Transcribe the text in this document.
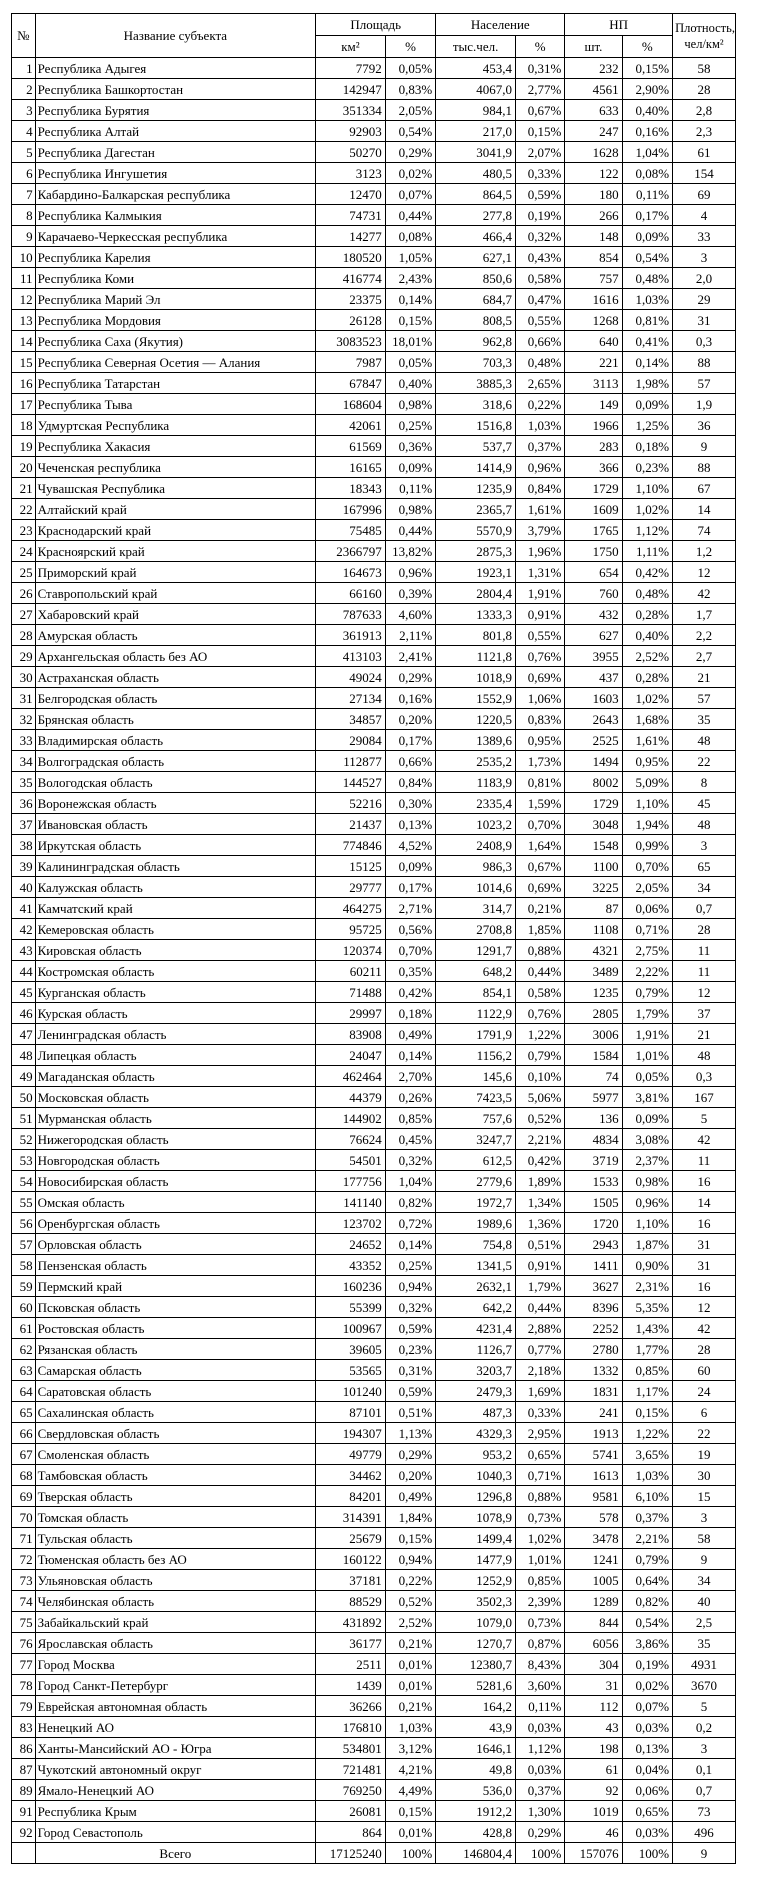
№	Название субъекта	Площадь		Население		НП		Плотность,
чел/км²
		км²	%	тыс.чел.	%	шт.	%	
1	Республика Адыгея	7792	0,05%	453,4	0,31%	232	0,15%	58
2	Республика Башкортостан	142947	0,83%	4067,0	2,77%	4561	2,90%	28
3	Республика Бурятия	351334	2,05%	984,1	0,67%	633	0,40%	2,8
4	Республика Алтай	92903	0,54%	217,0	0,15%	247	0,16%	2,3
5	Республика Дагестан	50270	0,29%	3041,9	2,07%	1628	1,04%	61
6	Республика Ингушетия	3123	0,02%	480,5	0,33%	122	0,08%	154
7	Кабардино-Балкарская республика	12470	0,07%	864,5	0,59%	180	0,11%	69
8	Республика Калмыкия	74731	0,44%	277,8	0,19%	266	0,17%	4
9	Карачаево-Черкесская республика	14277	0,08%	466,4	0,32%	148	0,09%	33
10	Республика Карелия	180520	1,05%	627,1	0,43%	854	0,54%	3
11	Республика Коми	416774	2,43%	850,6	0,58%	757	0,48%	2,0
12	Республика Марий Эл	23375	0,14%	684,7	0,47%	1616	1,03%	29
13	Республика Мордовия	26128	0,15%	808,5	0,55%	1268	0,81%	31
14	Республика Саха (Якутия)	3083523	18,01%	962,8	0,66%	640	0,41%	0,3
15	Республика Северная Осетия — Алания	7987	0,05%	703,3	0,48%	221	0,14%	88
16	Республика Татарстан	67847	0,40%	3885,3	2,65%	3113	1,98%	57
17	Республика Тыва	168604	0,98%	318,6	0,22%	149	0,09%	1,9
18	Удмуртская Республика	42061	0,25%	1516,8	1,03%	1966	1,25%	36
19	Республика Хакасия	61569	0,36%	537,7	0,37%	283	0,18%	9
20	Чеченская республика	16165	0,09%	1414,9	0,96%	366	0,23%	88
21	Чувашская Республика	18343	0,11%	1235,9	0,84%	1729	1,10%	67
22	Алтайский край	167996	0,98%	2365,7	1,61%	1609	1,02%	14
23	Краснодарский край	75485	0,44%	5570,9	3,79%	1765	1,12%	74
24	Красноярский край	2366797	13,82%	2875,3	1,96%	1750	1,11%	1,2
25	Приморский край	164673	0,96%	1923,1	1,31%	654	0,42%	12
26	Ставропольский край	66160	0,39%	2804,4	1,91%	760	0,48%	42
27	Хабаровский край	787633	4,60%	1333,3	0,91%	432	0,28%	1,7
28	Амурская область	361913	2,11%	801,8	0,55%	627	0,40%	2,2
29	Архангельская область без АО	413103	2,41%	1121,8	0,76%	3955	2,52%	2,7
30	Астраханская область	49024	0,29%	1018,9	0,69%	437	0,28%	21
31	Белгородская область	27134	0,16%	1552,9	1,06%	1603	1,02%	57
32	Брянская область	34857	0,20%	1220,5	0,83%	2643	1,68%	35
33	Владимирская область	29084	0,17%	1389,6	0,95%	2525	1,61%	48
34	Волгоградская область	112877	0,66%	2535,2	1,73%	1494	0,95%	22
35	Вологодская область	144527	0,84%	1183,9	0,81%	8002	5,09%	8
36	Воронежская область	52216	0,30%	2335,4	1,59%	1729	1,10%	45
37	Ивановская область	21437	0,13%	1023,2	0,70%	3048	1,94%	48
38	Иркутская область	774846	4,52%	2408,9	1,64%	1548	0,99%	3
39	Калининградская область	15125	0,09%	986,3	0,67%	1100	0,70%	65
40	Калужская область	29777	0,17%	1014,6	0,69%	3225	2,05%	34
41	Камчатский край	464275	2,71%	314,7	0,21%	87	0,06%	0,7
42	Кемеровская область	95725	0,56%	2708,8	1,85%	1108	0,71%	28
43	Кировская область	120374	0,70%	1291,7	0,88%	4321	2,75%	11
44	Костромская область	60211	0,35%	648,2	0,44%	3489	2,22%	11
45	Курганская область	71488	0,42%	854,1	0,58%	1235	0,79%	12
46	Курская область	29997	0,18%	1122,9	0,76%	2805	1,79%	37
47	Ленинградская область	83908	0,49%	1791,9	1,22%	3006	1,91%	21
48	Липецкая область	24047	0,14%	1156,2	0,79%	1584	1,01%	48
49	Магаданская область	462464	2,70%	145,6	0,10%	74	0,05%	0,3
50	Московская область	44379	0,26%	7423,5	5,06%	5977	3,81%	167
51	Мурманская область	144902	0,85%	757,6	0,52%	136	0,09%	5
52	Нижегородская область	76624	0,45%	3247,7	2,21%	4834	3,08%	42
53	Новгородская область	54501	0,32%	612,5	0,42%	3719	2,37%	11
54	Новосибирская область	177756	1,04%	2779,6	1,89%	1533	0,98%	16
55	Омская область	141140	0,82%	1972,7	1,34%	1505	0,96%	14
56	Оренбургская область	123702	0,72%	1989,6	1,36%	1720	1,10%	16
57	Орловская область	24652	0,14%	754,8	0,51%	2943	1,87%	31
58	Пензенская область	43352	0,25%	1341,5	0,91%	1411	0,90%	31
59	Пермский край	160236	0,94%	2632,1	1,79%	3627	2,31%	16
60	Псковская область	55399	0,32%	642,2	0,44%	8396	5,35%	12
61	Ростовская область	100967	0,59%	4231,4	2,88%	2252	1,43%	42
62	Рязанская область	39605	0,23%	1126,7	0,77%	2780	1,77%	28
63	Самарская область	53565	0,31%	3203,7	2,18%	1332	0,85%	60
64	Саратовская область	101240	0,59%	2479,3	1,69%	1831	1,17%	24
65	Сахалинская область	87101	0,51%	487,3	0,33%	241	0,15%	6
66	Свердловская область	194307	1,13%	4329,3	2,95%	1913	1,22%	22
67	Смоленская область	49779	0,29%	953,2	0,65%	5741	3,65%	19
68	Тамбовская область	34462	0,20%	1040,3	0,71%	1613	1,03%	30
69	Тверская область	84201	0,49%	1296,8	0,88%	9581	6,10%	15
70	Томская область	314391	1,84%	1078,9	0,73%	578	0,37%	3
71	Тульская область	25679	0,15%	1499,4	1,02%	3478	2,21%	58
72	Тюменская область без АО	160122	0,94%	1477,9	1,01%	1241	0,79%	9
73	Ульяновская область	37181	0,22%	1252,9	0,85%	1005	0,64%	34
74	Челябинская область	88529	0,52%	3502,3	2,39%	1289	0,82%	40
75	Забайкальский край	431892	2,52%	1079,0	0,73%	844	0,54%	2,5
76	Ярославская область	36177	0,21%	1270,7	0,87%	6056	3,86%	35
77	Город Москва	2511	0,01%	12380,7	8,43%	304	0,19%	4931
78	Город Санкт-Петербург	1439	0,01%	5281,6	3,60%	31	0,02%	3670
79	Еврейская автономная область	36266	0,21%	164,2	0,11%	112	0,07%	5
83	Ненецкий АО	176810	1,03%	43,9	0,03%	43	0,03%	0,2
86	Ханты-Мансийский АО - Югра	534801	3,12%	1646,1	1,12%	198	0,13%	3
87	Чукотский автономный округ	721481	4,21%	49,8	0,03%	61	0,04%	0,1
89	Ямало-Ненецкий АО	769250	4,49%	536,0	0,37%	92	0,06%	0,7
91	Республика Крым	26081	0,15%	1912,2	1,30%	1019	0,65%	73
92	Город Севастополь	864	0,01%	428,8	0,29%	46	0,03%	496
	Всего	17125240	100%	146804,4	100%	157076	100%	9
